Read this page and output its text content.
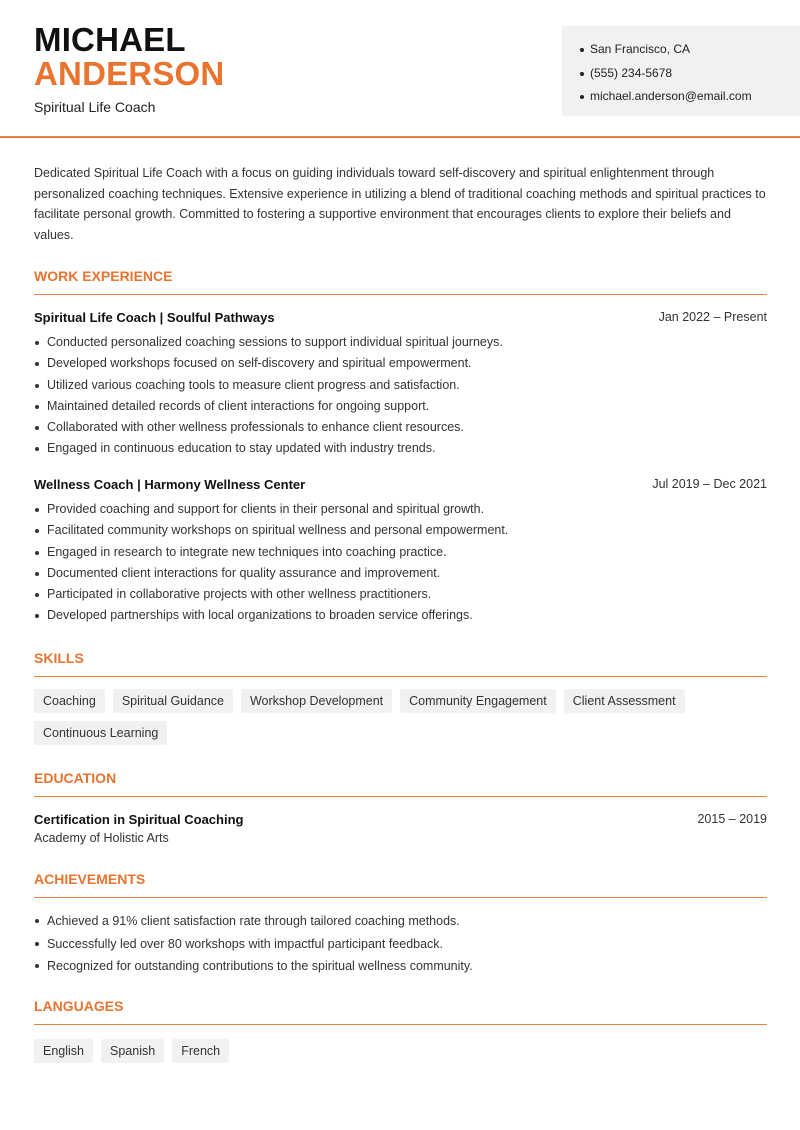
MICHAEL
ANDERSON
Spiritual Life Coach
San Francisco, CA
(555) 234-5678
michael.anderson@email.com

Dedicated Spiritual Life Coach with a focus on guiding individuals toward self-discovery and spiritual enlightenment through personalized coaching techniques. Extensive experience in utilizing a blend of traditional coaching methods and spiritual practices to facilitate personal growth. Committed to fostering a supportive environment that encourages clients to explore their beliefs and values.

WORK EXPERIENCE
Spiritual Life Coach | Soulful Pathways	Jan 2022 – Present
Conducted personalized coaching sessions to support individual spiritual journeys.
Developed workshops focused on self-discovery and spiritual empowerment.
Utilized various coaching tools to measure client progress and satisfaction.
Maintained detailed records of client interactions for ongoing support.
Collaborated with other wellness professionals to enhance client resources.
Engaged in continuous education to stay updated with industry trends.
Wellness Coach | Harmony Wellness Center	Jul 2019 – Dec 2021
Provided coaching and support for clients in their personal and spiritual growth.
Facilitated community workshops on spiritual wellness and personal empowerment.
Engaged in research to integrate new techniques into coaching practice.
Documented client interactions for quality assurance and improvement.
Participated in collaborative projects with other wellness practitioners.
Developed partnerships with local organizations to broaden service offerings.
SKILLS
Coaching	Spiritual Guidance	Workshop Development	Community Engagement	Client Assessment
Continuous Learning
EDUCATION
Certification in Spiritual Coaching	2015 – 2019
Academy of Holistic Arts
ACHIEVEMENTS
Achieved a 91% client satisfaction rate through tailored coaching methods.
Successfully led over 80 workshops with impactful participant feedback.
Recognized for outstanding contributions to the spiritual wellness community.
LANGUAGES
English	Spanish	French
